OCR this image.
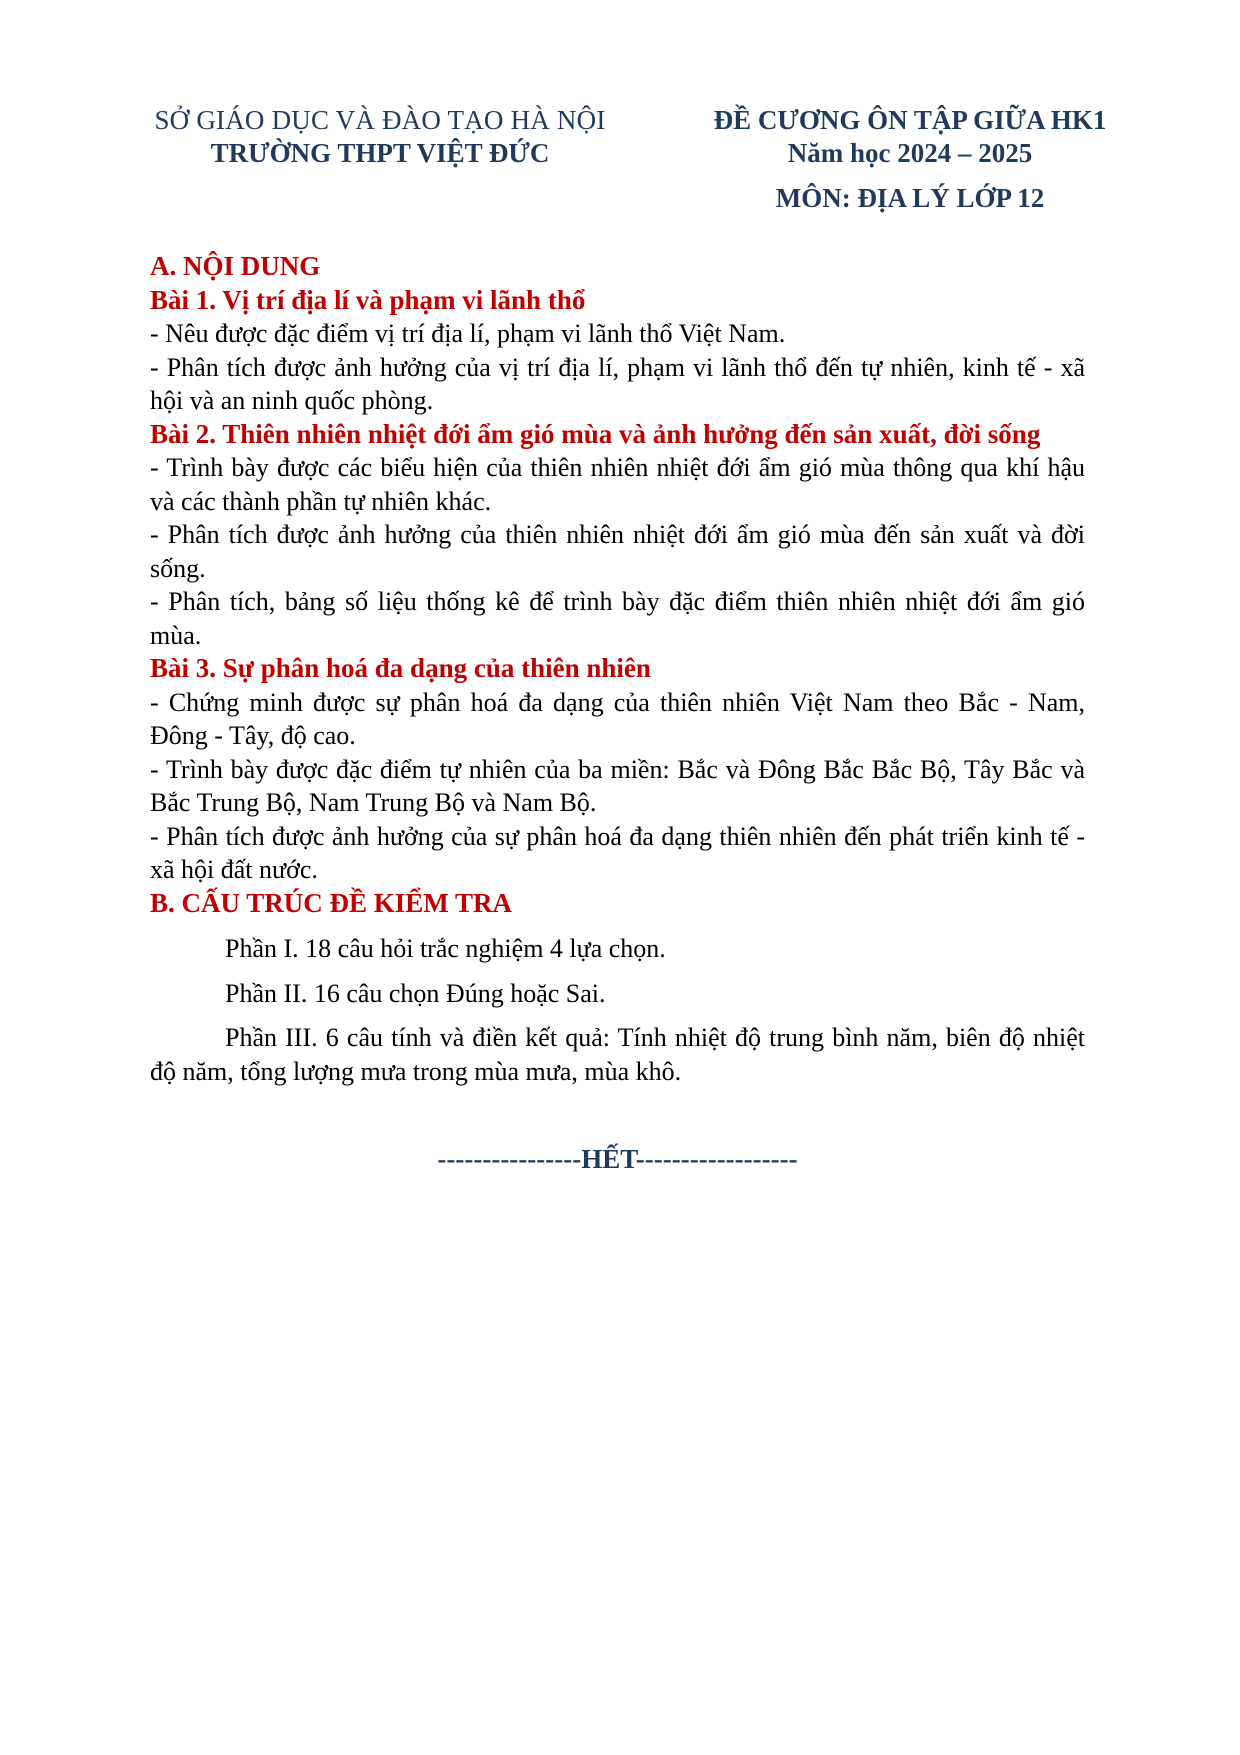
SỞ GIÁO DỤC VÀ ĐÀO TẠO HÀ NỘI
TRƯỜNG THPT VIỆT ĐỨC
ĐỀ CƯƠNG ÔN TẬP GIỮA HK1
Năm học 2024 – 2025
MÔN: ĐỊA LÝ LỚP 12
A. NỘI DUNG
Bài 1. Vị trí địa lí và phạm vi lãnh thổ
- Nêu được đặc điểm vị trí địa lí, phạm vi lãnh thổ Việt Nam.
- Phân tích được ảnh hưởng của vị trí địa lí, phạm vi lãnh thổ đến tự nhiên, kinh tế - xã hội và an ninh quốc phòng.
Bài 2. Thiên nhiên nhiệt đới ẩm gió mùa và ảnh hưởng đến sản xuất, đời sống
- Trình bày được các biểu hiện của thiên nhiên nhiệt đới ẩm gió mùa thông qua khí hậu và các thành phần tự nhiên khác.
- Phân tích được ảnh hưởng của thiên nhiên nhiệt đới ẩm gió mùa đến sản xuất và đời sống.
- Phân tích, bảng số liệu thống kê để trình bày đặc điểm thiên nhiên nhiệt đới ẩm gió mùa.
Bài 3. Sự phân hoá đa dạng của thiên nhiên
- Chứng minh được sự phân hoá đa dạng của thiên nhiên Việt Nam theo Bắc - Nam, Đông - Tây, độ cao.
- Trình bày được đặc điểm tự nhiên của ba miền: Bắc và Đông Bắc Bắc Bộ, Tây Bắc và Bắc Trung Bộ, Nam Trung Bộ và Nam Bộ.
- Phân tích được ảnh hưởng của sự phân hoá đa dạng thiên nhiên đến phát triển kinh tế - xã hội đất nước.
B. CẤU TRÚC ĐỀ KIỂM TRA
Phần I. 18 câu hỏi trắc nghiệm 4 lựa chọn.
Phần II. 16 câu chọn Đúng hoặc Sai.
Phần III. 6 câu tính và điền kết quả: Tính nhiệt độ trung bình năm, biên độ nhiệt độ năm, tổng lượng mưa trong mùa mưa, mùa khô.
----------------HẾT------------------
